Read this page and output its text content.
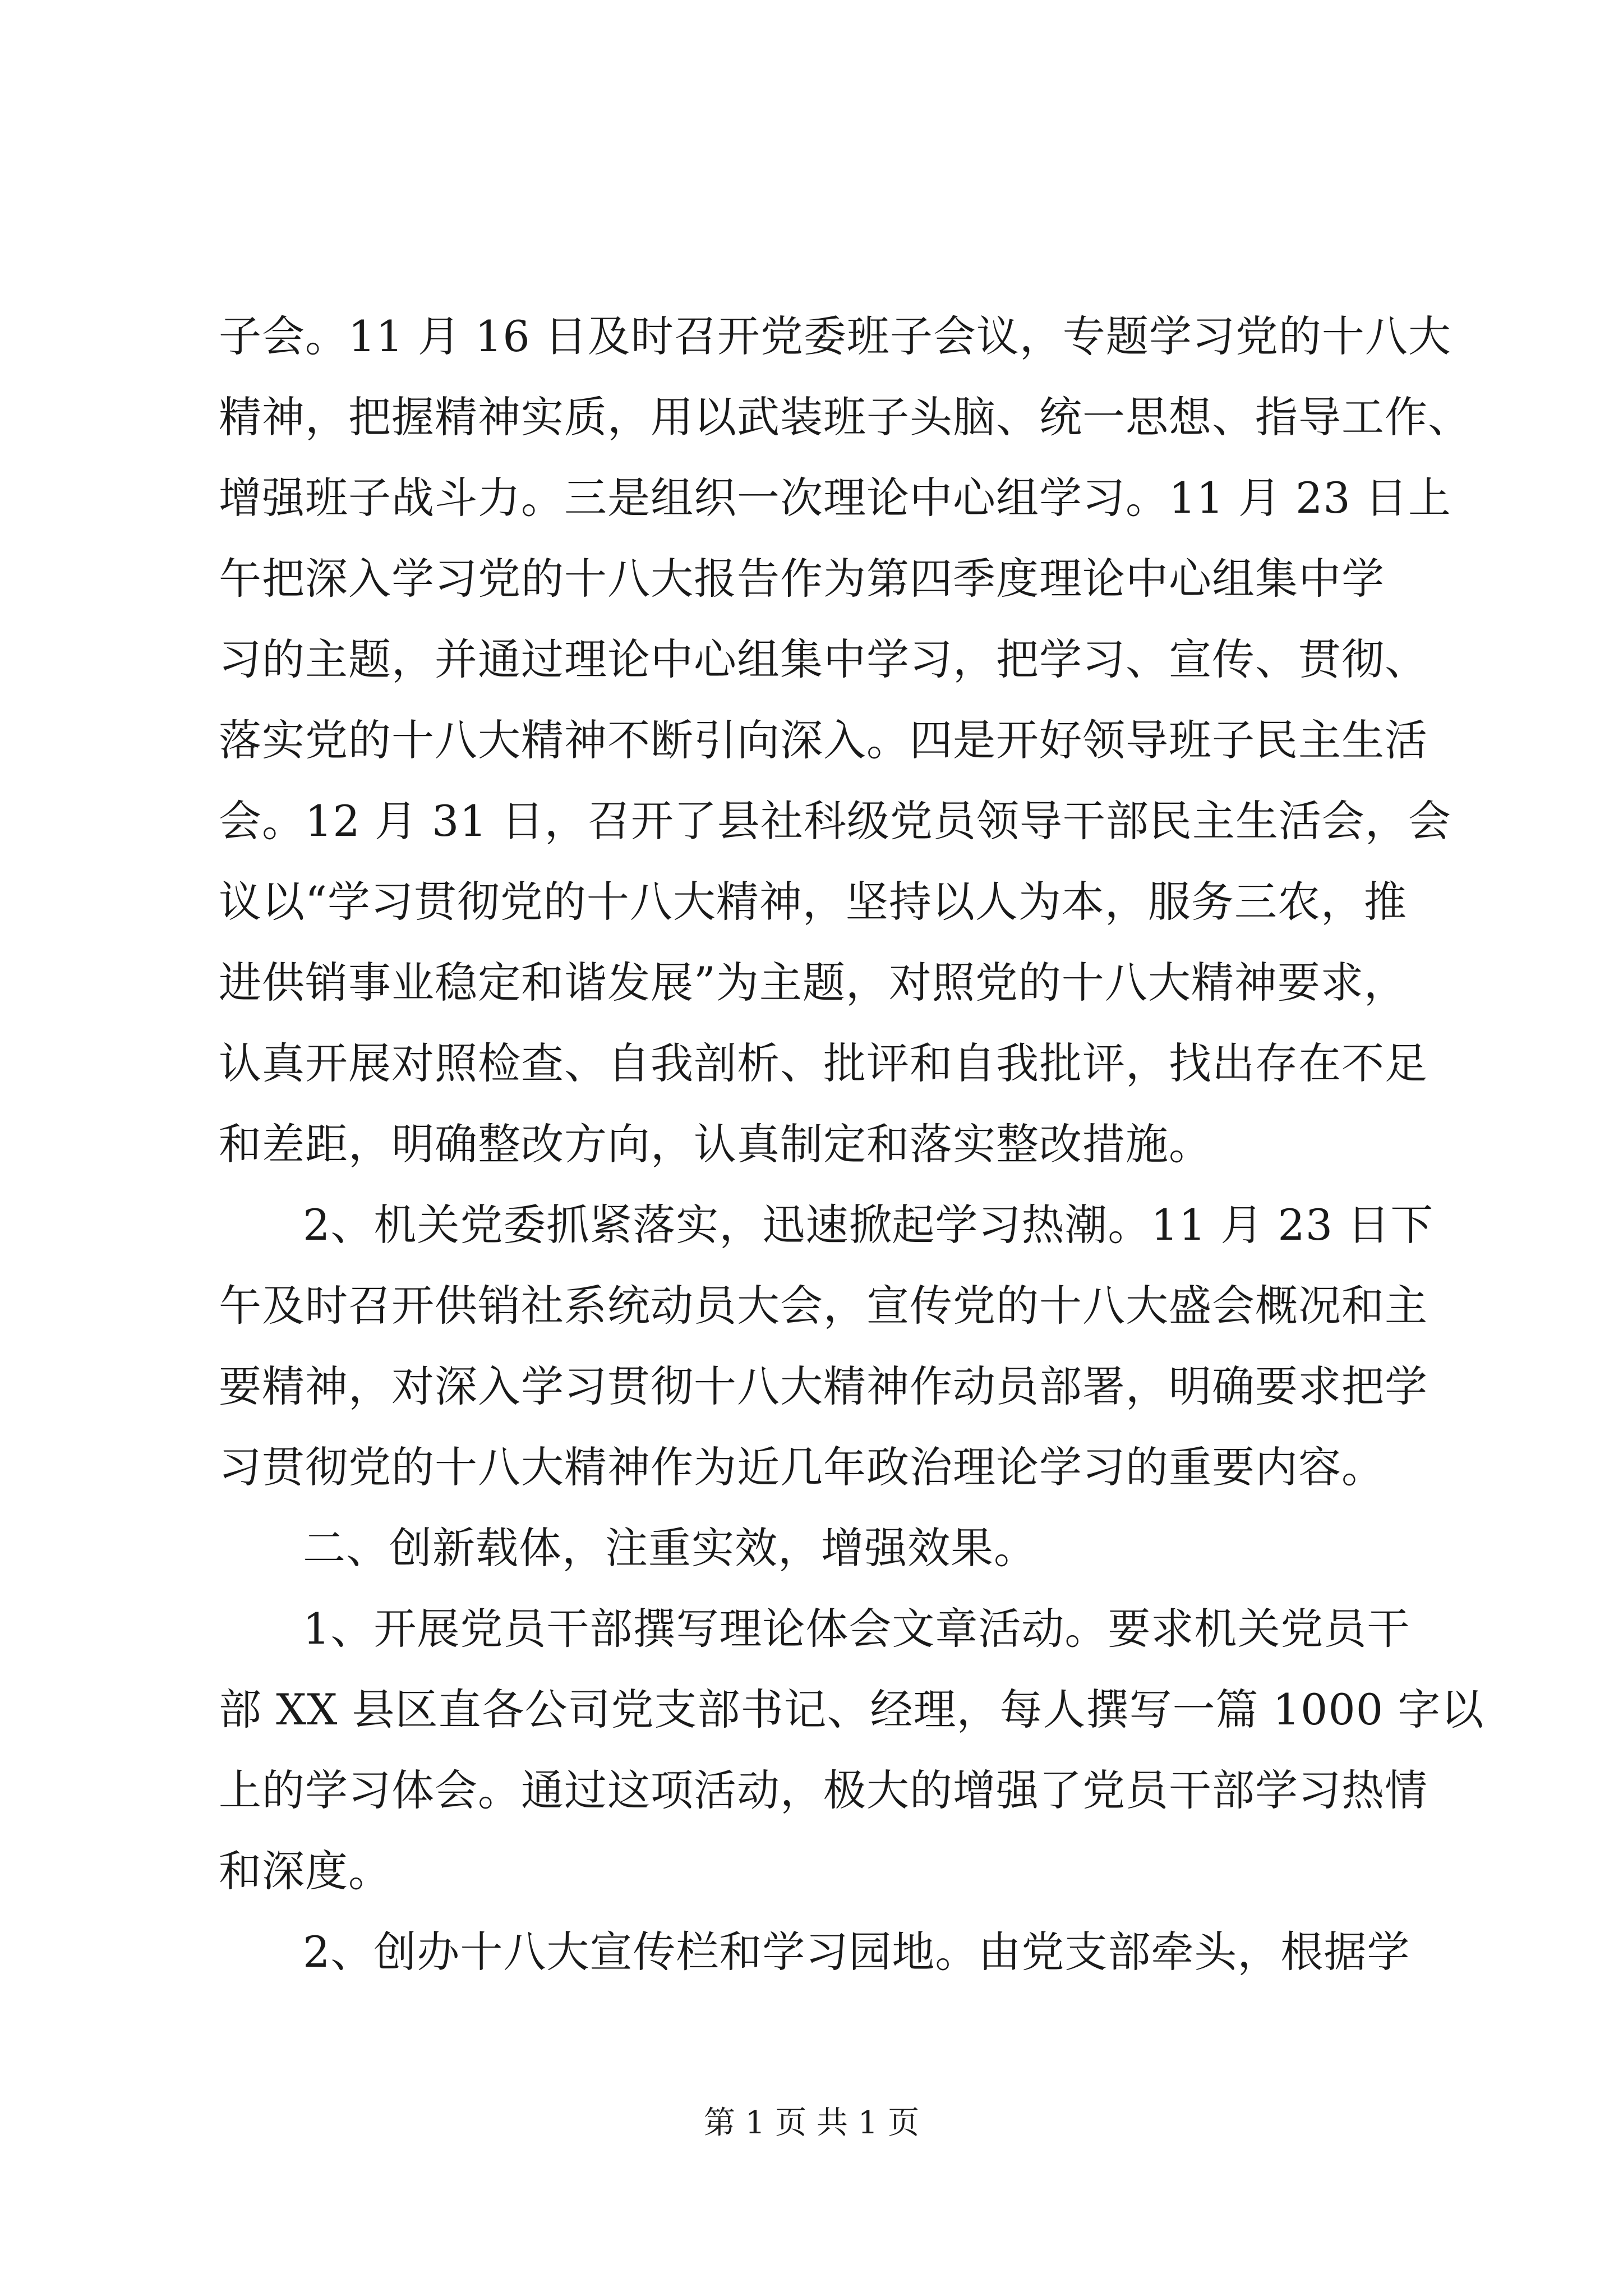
子会。11 月 16 日及时召开党委班子会议，专题学习党的十八大
精神，把握精神实质，用以武装班子头脑、统一思想、指导工作、
增强班子战斗力。三是组织一次理论中心组学习。11 月 23 日上
午把深入学习党的十八大报告作为第四季度理论中心组集中学
习的主题，并通过理论中心组集中学习，把学习、宣传、贯彻、
落实党的十八大精神不断引向深入。四是开好领导班子民主生活
会。12 月 31 日，召开了县社科级党员领导干部民主生活会，会
议以“学习贯彻党的十八大精神，坚持以人为本，服务三农，推
进供销事业稳定和谐发展”为主题，对照党的十八大精神要求，
认真开展对照检查、自我剖析、批评和自我批评，找出存在不足
和差距，明确整改方向，认真制定和落实整改措施。
2、机关党委抓紧落实，迅速掀起学习热潮。11 月 23 日下
午及时召开供销社系统动员大会，宣传党的十八大盛会概况和主
要精神，对深入学习贯彻十八大精神作动员部署，明确要求把学
习贯彻党的十八大精神作为近几年政治理论学习的重要内容。
二、创新载体，注重实效，增强效果。
1、开展党员干部撰写理论体会文章活动。要求机关党员干
部 XX 县区直各公司党支部书记、经理，每人撰写一篇 1000 字以
上的学习体会。通过这项活动，极大的增强了党员干部学习热情
和深度。
2、创办十八大宣传栏和学习园地。由党支部牵头，根据学
第 1 页 共 1 页
